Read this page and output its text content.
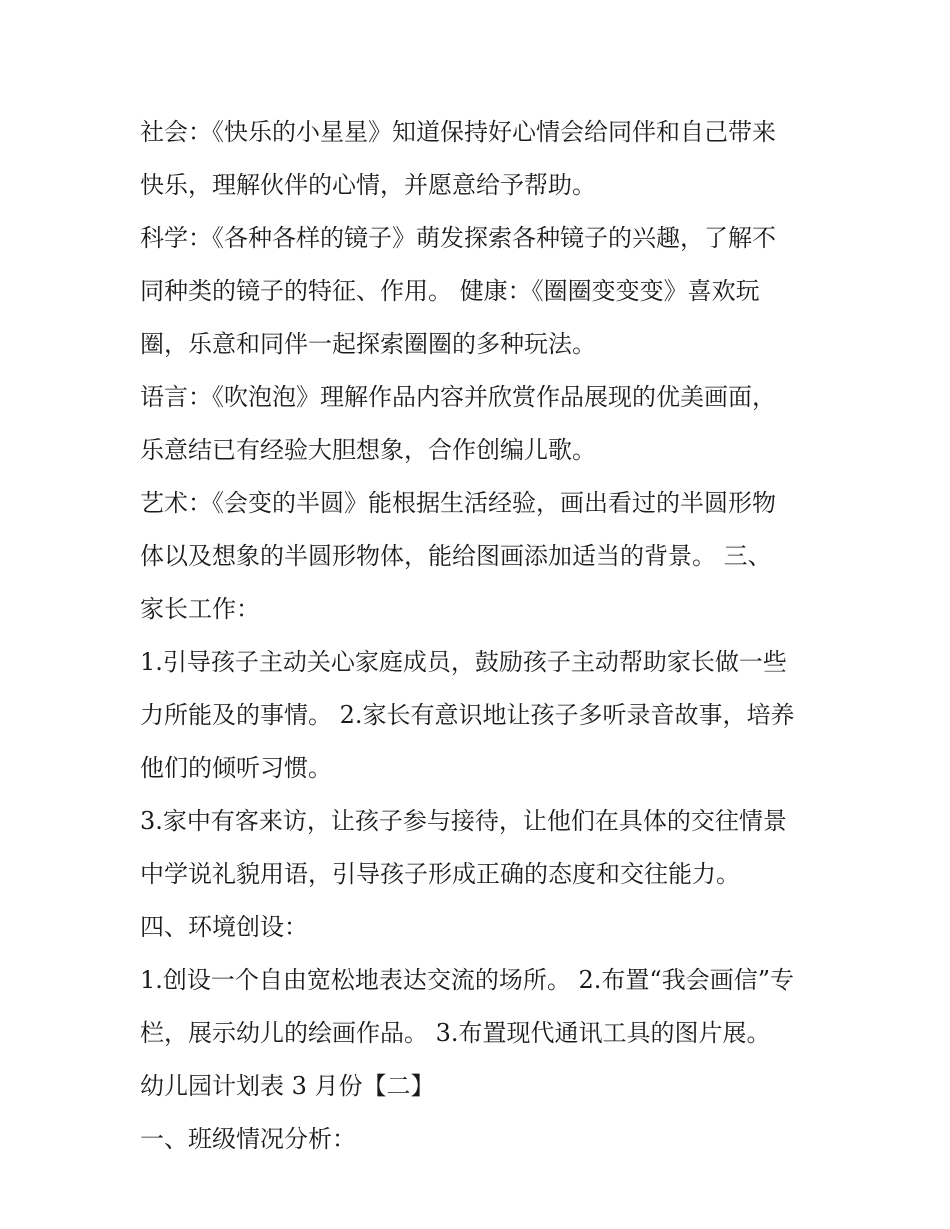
社会：《快乐的小星星》知道保持好心情会给同伴和自己带来
快乐，理解伙伴的心情，并愿意给予帮助。
科学：《各种各样的镜子》萌发探索各种镜子的兴趣，了解不
同种类的镜子的特征、作用。 健康：《圈圈变变变》喜欢玩
圈，乐意和同伴一起探索圈圈的多种玩法。
语言：《吹泡泡》理解作品内容并欣赏作品展现的优美画面，
乐意结已有经验大胆想象，合作创编儿歌。
艺术：《会变的半圆》能根据生活经验，画出看过的半圆形物
体以及想象的半圆形物体，能给图画添加适当的背景。 三、
家长工作：
1.引导孩子主动关心家庭成员，鼓励孩子主动帮助家长做一些
力所能及的事情。 2.家长有意识地让孩子多听录音故事，培养
他们的倾听习惯。
3.家中有客来访，让孩子参与接待，让他们在具体的交往情景
中学说礼貌用语，引导孩子形成正确的态度和交往能力。
四、环境创设：
1.创设一个自由宽松地表达交流的场所。 2.布置“我会画信”专
栏，展示幼儿的绘画作品。 3.布置现代通讯工具的图片展。
幼儿园计划表 3 月份【二】
一、班级情况分析：
